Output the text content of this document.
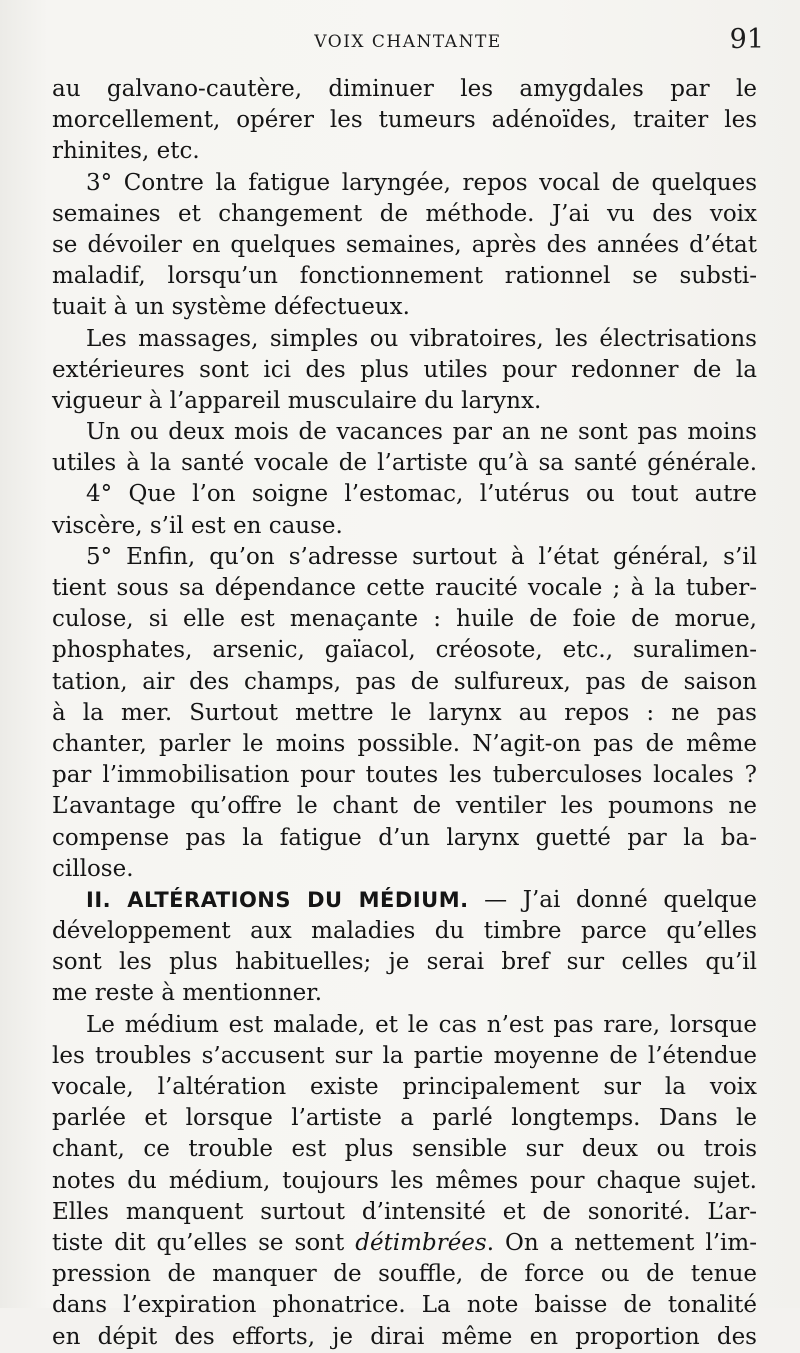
VOIX CHANTANTE	91
au galvano-cautère, diminuer les amygdales par le
morcellement, opérer les tumeurs adénoïdes, traiter les
rhinites, etc.
3° Contre la fatigue laryngée, repos vocal de quelques
semaines et changement de méthode. J’ai vu des voix
se dévoiler en quelques semaines, après des années d’état
maladif, lorsqu’un fonctionnement rationnel se substi-
tuait à un système défectueux.
Les massages, simples ou vibratoires, les électrisations
extérieures sont ici des plus utiles pour redonner de la
vigueur à l’appareil musculaire du larynx.
Un ou deux mois de vacances par an ne sont pas moins
utiles à la santé vocale de l’artiste qu’à sa santé générale.
4° Que l’on soigne l’estomac, l’utérus ou tout autre
viscère, s’il est en cause.
5° Enfin, qu’on s’adresse surtout à l’état général, s’il
tient sous sa dépendance cette raucité vocale ; à la tuber-
culose, si elle est menaçante : huile de foie de morue,
phosphates, arsenic, gaïacol, créosote, etc., suralimen-
tation, air des champs, pas de sulfureux, pas de saison
à la mer. Surtout mettre le larynx au repos : ne pas
chanter, parler le moins possible. N’agit-on pas de même
par l’immobilisation pour toutes les tuberculoses locales ?
L’avantage qu’offre le chant de ventiler les poumons ne
compense pas la fatigue d’un larynx guetté par la ba-
cillose.
II. ALTÉRATIONS DU MÉDIUM. — J’ai donné quelque
développement aux maladies du timbre parce qu’elles
sont les plus habituelles; je serai bref sur celles qu’il
me reste à mentionner.
Le médium est malade, et le cas n’est pas rare, lorsque
les troubles s’accusent sur la partie moyenne de l’étendue
vocale, l’altération existe principalement sur la voix
parlée et lorsque l’artiste a parlé longtemps. Dans le
chant, ce trouble est plus sensible sur deux ou trois
notes du médium, toujours les mêmes pour chaque sujet.
Elles manquent surtout d’intensité et de sonorité. L’ar-
tiste dit qu’elles se sont détimbrées. On a nettement l’im-
pression de manquer de souffle, de force ou de tenue
dans l’expiration phonatrice. La note baisse de tonalité
en dépit des efforts, je dirai même en proportion des
